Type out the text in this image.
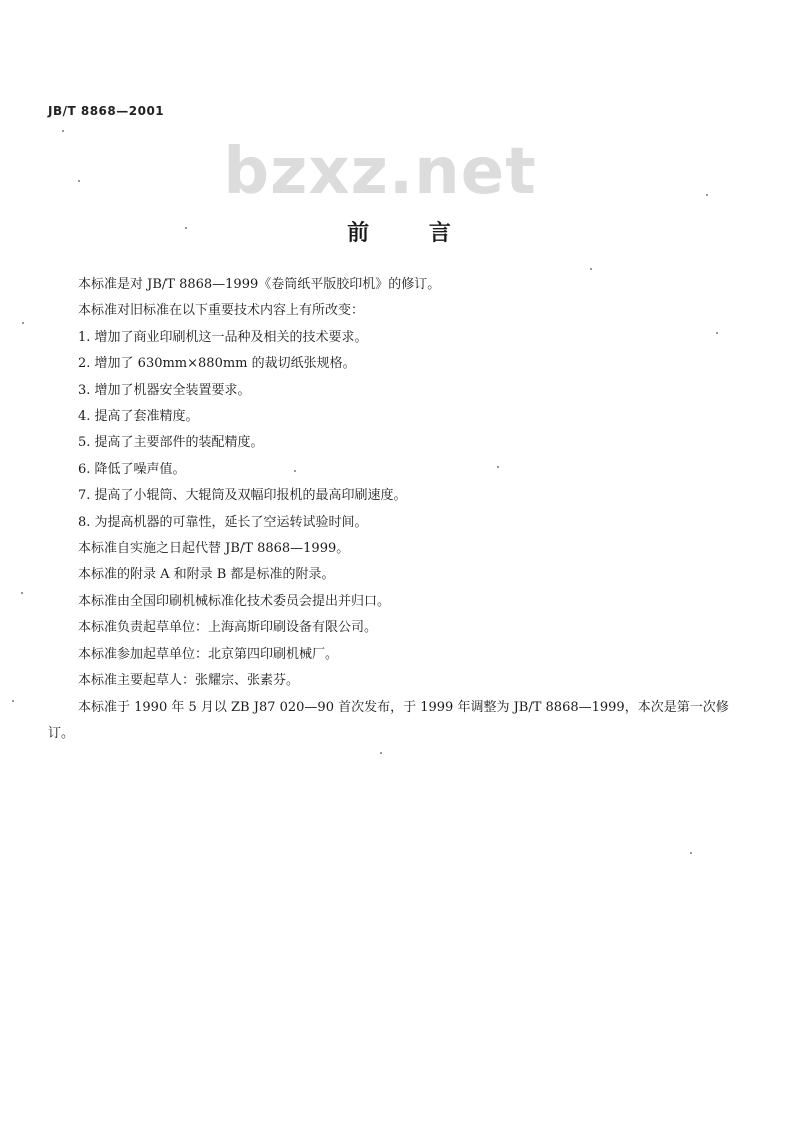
JB/T 8868—2001
bzxz.net
前 言
本标准是对 JB/T 8868—1999《卷筒纸平版胶印机》的修订。
本标准对旧标准在以下重要技术内容上有所改变：
1. 增加了商业印刷机这一品种及相关的技术要求。
2. 增加了 630mm×880mm 的裁切纸张规格。
3. 增加了机器安全装置要求。
4. 提高了套准精度。
5. 提高了主要部件的装配精度。
6. 降低了噪声值。
7. 提高了小辊筒、大辊筒及双幅印报机的最高印刷速度。
8. 为提高机器的可靠性，延长了空运转试验时间。
本标准自实施之日起代替 JB/T 8868—1999。
本标准的附录 A 和附录 B 都是标准的附录。
本标准由全国印刷机械标准化技术委员会提出并归口。
本标准负责起草单位：上海高斯印刷设备有限公司。
本标准参加起草单位：北京第四印刷机械厂。
本标准主要起草人：张耀宗、张素芬。
本标准于 1990 年 5 月以 ZB J87 020—90 首次发布，于 1999 年调整为 JB/T 8868—1999，本次是第一次修订。
